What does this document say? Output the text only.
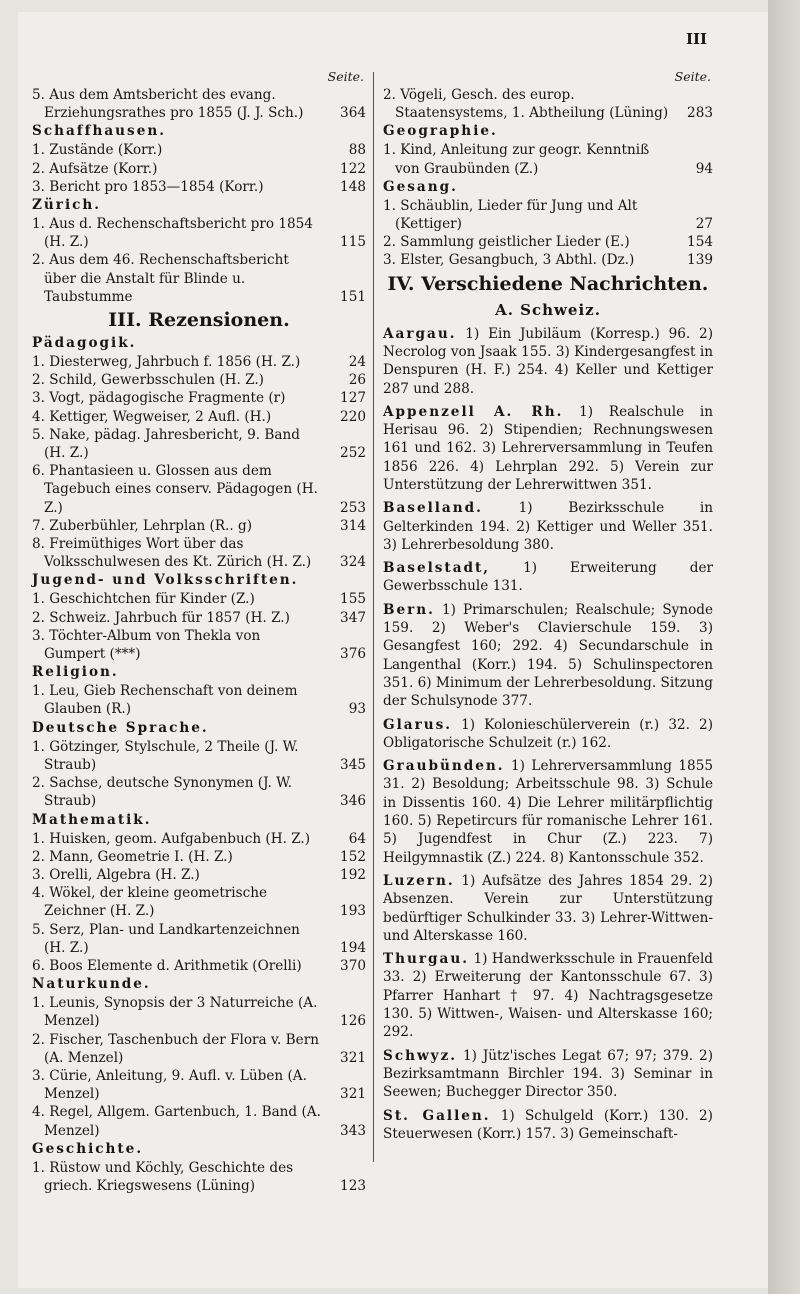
III
Seite.
5. Aus dem Amtsbericht des evang. Erziehungsrathes pro 1855 (J. J. Sch.)	364
Schaffhausen.
1. Zustände (Korr.)	88
2. Aufsätze (Korr.)	122
3. Bericht pro 1853—1854 (Korr.)	148
Zürich.
1. Aus d. Rechenschaftsbericht pro 1854 (H. Z.)	115
2. Aus dem 46. Rechenschaftsbericht über die Anstalt für Blinde u. Taubstumme	151
III. Rezensionen.
Pädagogik.
1. Diesterweg, Jahrbuch f. 1856 (H. Z.)	24
2. Schild, Gewerbsschulen (H. Z.)	26
3. Vogt, pädagogische Fragmente (r)	127
4. Kettiger, Wegweiser, 2 Aufl. (H.)	220
5. Nake, pädag. Jahresbericht, 9. Band (H. Z.)	252
6. Phantasieen u. Glossen aus dem Tagebuch eines conserv. Pädagogen (H. Z.)	253
7. Zuberbühler, Lehrplan (R.. g)	314
8. Freimüthiges Wort über das Volksschulwesen des Kt. Zürich (H. Z.)	324
Jugend- und Volksschriften.
1. Geschichtchen für Kinder (Z.)	155
2. Schweiz. Jahrbuch für 1857 (H. Z.)	347
3. Töchter-Album von Thekla von Gumpert (***)	376
Religion.
1. Leu, Gieb Rechenschaft von deinem Glauben (R.)	93
Deutsche Sprache.
1. Götzinger, Stylschule, 2 Theile (J. W. Straub)	345
2. Sachse, deutsche Synonymen (J. W. Straub)	346
Mathematik.
1. Huisken, geom. Aufgabenbuch (H. Z.)	64
2. Mann, Geometrie I. (H. Z.)	152
3. Orelli, Algebra (H. Z.)	192
4. Wökel, der kleine geometrische Zeichner (H. Z.)	193
5. Serz, Plan- und Landkartenzeichnen (H. Z.)	194
6. Boos Elemente d. Arithmetik (Orelli)	370
Naturkunde.
1. Leunis, Synopsis der 3 Naturreiche (A. Menzel)	126
2. Fischer, Taschenbuch der Flora v. Bern (A. Menzel)	321
3. Cürie, Anleitung, 9. Aufl. v. Lüben (A. Menzel)	321
4. Regel, Allgem. Gartenbuch, 1. Band (A. Menzel)	343
Geschichte.
1. Rüstow und Köchly, Geschichte des griech. Kriegswesens (Lüning)	123
Seite.
2. Vögeli, Gesch. des europ. Staatensystems, 1. Abtheilung (Lüning)	283
Geographie.
1. Kind, Anleitung zur geogr. Kenntniß von Graubünden (Z.)	94
Gesang.
1. Schäublin, Lieder für Jung und Alt (Kettiger)	27
2. Sammlung geistlicher Lieder (E.)	154
3. Elster, Gesangbuch, 3 Abthl. (Dz.)	139
IV. Verschiedene Nachrichten.
A. Schweiz.
Aargau. 1) Ein Jubiläum (Korresp.) 96. 2) Necrolog von Jsaak 155. 3) Kindergesangfest in Denspuren (H. F.) 254. 4) Keller und Kettiger 287 und 288.
Appenzell A. Rh. 1) Realschule in Herisau 96. 2) Stipendien; Rechnungswesen 161 und 162. 3) Lehrerversammlung in Teufen 1856 226. 4) Lehrplan 292. 5) Verein zur Unterstützung der Lehrerwittwen 351.
Baselland. 1) Bezirksschule in Gelterkinden 194. 2) Kettiger und Weller 351. 3) Lehrerbesoldung 380.
Baselstadt, 1) Erweiterung der Gewerbsschule 131.
Bern. 1) Primarschulen; Realschule; Synode 159. 2) Weber's Clavierschule 159. 3) Gesangfest 160; 292. 4) Secundarschule in Langenthal (Korr.) 194. 5) Schulinspectoren 351. 6) Minimum der Lehrerbesoldung. Sitzung der Schulsynode 377.
Glarus. 1) Kolonieschülerverein (r.) 32. 2) Obligatorische Schulzeit (r.) 162.
Graubünden. 1) Lehrerversammlung 1855 31. 2) Besoldung; Arbeitsschule 98. 3) Schule in Dissentis 160. 4) Die Lehrer militärpflichtig 160. 5) Repetircurs für romanische Lehrer 161. 5) Jugendfest in Chur (Z.) 223. 7) Heilgymnastik (Z.) 224. 8) Kantonsschule 352.
Luzern. 1) Aufsätze des Jahres 1854 29. 2) Absenzen. Verein zur Unterstützung bedürftiger Schulkinder 33. 3) Lehrer-Wittwen- und Alterskasse 160.
Thurgau. 1) Handwerksschule in Frauenfeld 33. 2) Erweiterung der Kantonsschule 67. 3) Pfarrer Hanhart † 97. 4) Nachtragsgesetze 130. 5) Wittwen-, Waisen- und Alterskasse 160; 292.
Schwyz. 1) Jütz'isches Legat 67; 97; 379. 2) Bezirksamtmann Birchler 194. 3) Seminar in Seewen; Buchegger Director 350.
St. Gallen. 1) Schulgeld (Korr.) 130. 2) Steuerwesen (Korr.) 157. 3) Gemeinschaft-
